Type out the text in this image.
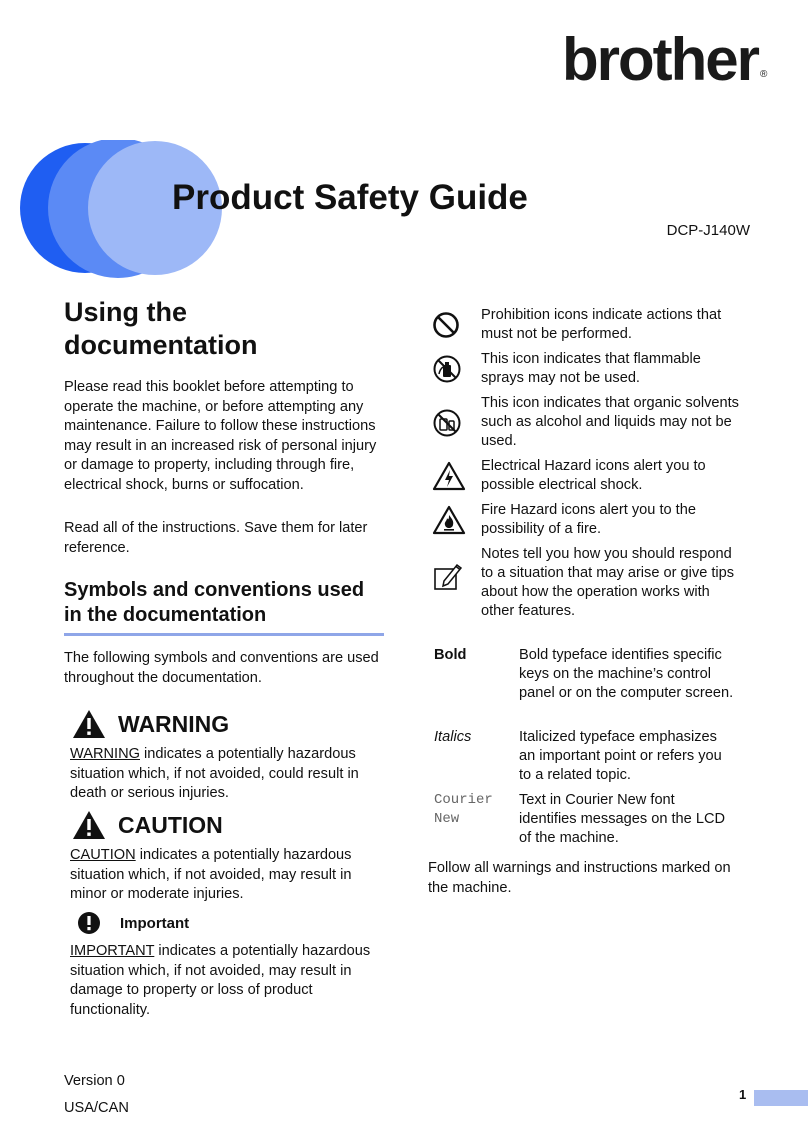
brother ®
Product Safety Guide
DCP-J140W
Using the documentation

Please read this booklet before attempting to operate the machine, or before attempting any maintenance. Failure to follow these instructions may result in an increased risk of personal injury or damage to property, including through fire, electrical shock, burns or suffocation.

Read all of the instructions. Save them for later reference.

Symbols and conventions used in the documentation

The following symbols and conventions are used throughout the documentation.

WARNING
WARNING indicates a potentially hazardous situation which, if not avoided, could result in death or serious injuries.
CAUTION
CAUTION indicates a potentially hazardous situation which, if not avoided, may result in minor or moderate injuries.
Important
IMPORTANT indicates a potentially hazardous situation which, if not avoided, may result in damage to property or loss of product functionality.
Prohibition icons indicate actions that must not be performed.
This icon indicates that flammable sprays may not be used.
This icon indicates that organic solvents such as alcohol and liquids may not be used.
Electrical Hazard icons alert you to possible electrical shock.
Fire Hazard icons alert you to the possibility of a fire.
Notes tell you how you should respond to a situation that may arise or give tips about how the operation works with other features.
Bold	Bold typeface identifies specific keys on the machine’s control panel or on the computer screen.
Italics	Italicized typeface emphasizes an important point or refers you to a related topic.
Courier New
Text in Courier New font identifies messages on the LCD of the machine.

Follow all warnings and instructions marked on the machine.

Version 0
USA/CAN
1
